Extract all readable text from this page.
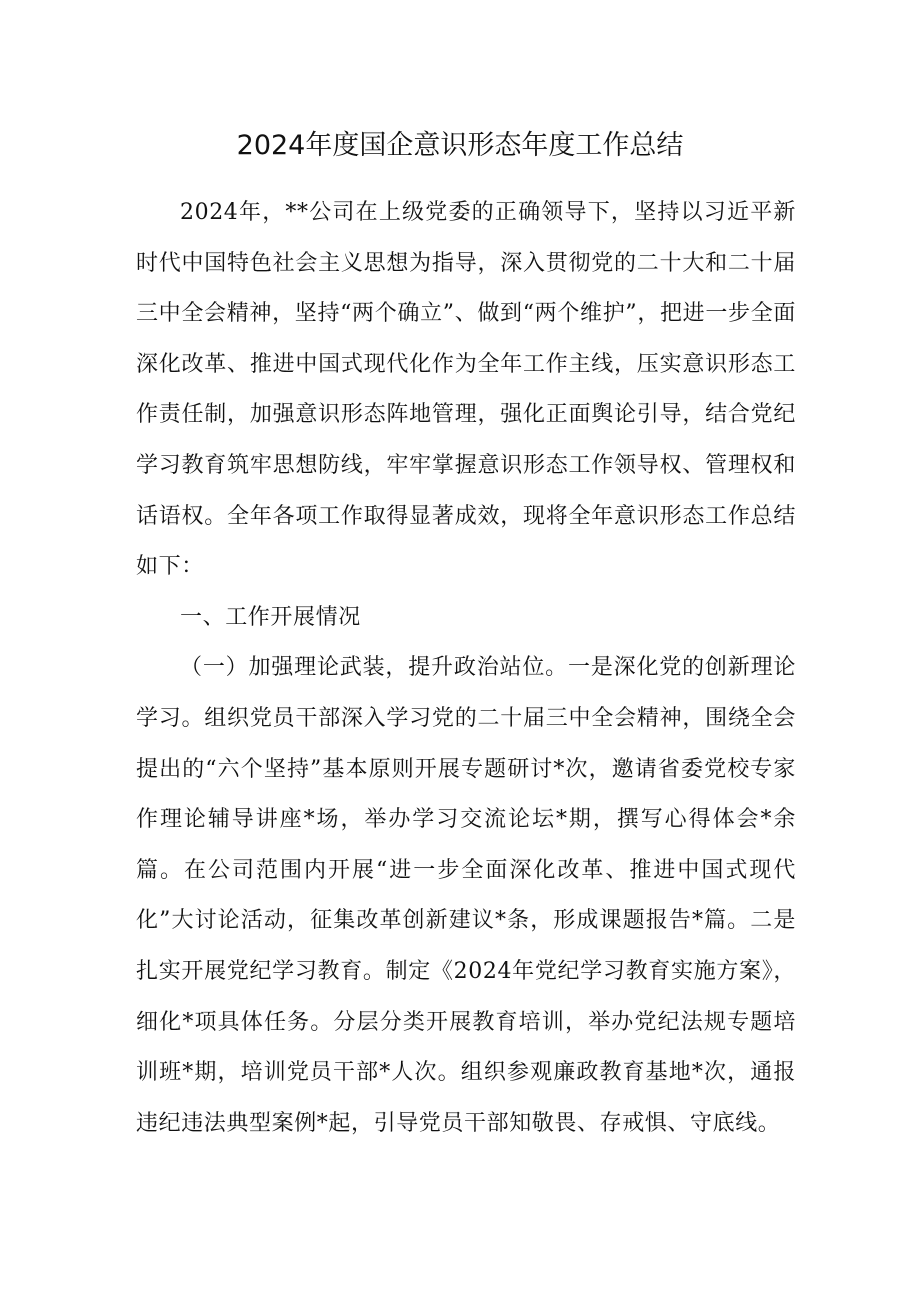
2024年度国企意识形态年度工作总结

2024年，**公司在上级党委的正确领导下，坚持以习近平新时代中国特色社会主义思想为指导，深入贯彻党的二十大和二十届三中全会精神，坚持“两个确立”、做到“两个维护”，把进一步全面深化改革、推进中国式现代化作为全年工作主线，压实意识形态工作责任制，加强意识形态阵地管理，强化正面舆论引导，结合党纪学习教育筑牢思想防线，牢牢掌握意识形态工作领导权、管理权和话语权。全年各项工作取得显著成效，现将全年意识形态工作总结如下：

一、工作开展情况

（一）加强理论武装，提升政治站位。一是深化党的创新理论学习。组织党员干部深入学习党的二十届三中全会精神，围绕全会提出的“六个坚持”基本原则开展专题研讨*次，邀请省委党校专家作理论辅导讲座*场，举办学习交流论坛*期，撰写心得体会*余篇。在公司范围内开展“进一步全面深化改革、推进中国式现代化”大讨论活动，征集改革创新建议*条，形成课题报告*篇。二是扎实开展党纪学习教育。制定《2024年党纪学习教育实施方案》，细化*项具体任务。分层分类开展教育培训，举办党纪法规专题培训班*期，培训党员干部*人次。组织参观廉政教育基地*次，通报违纪违法典型案例*起，引导党员干部知敬畏、存戒惧、守底线。
